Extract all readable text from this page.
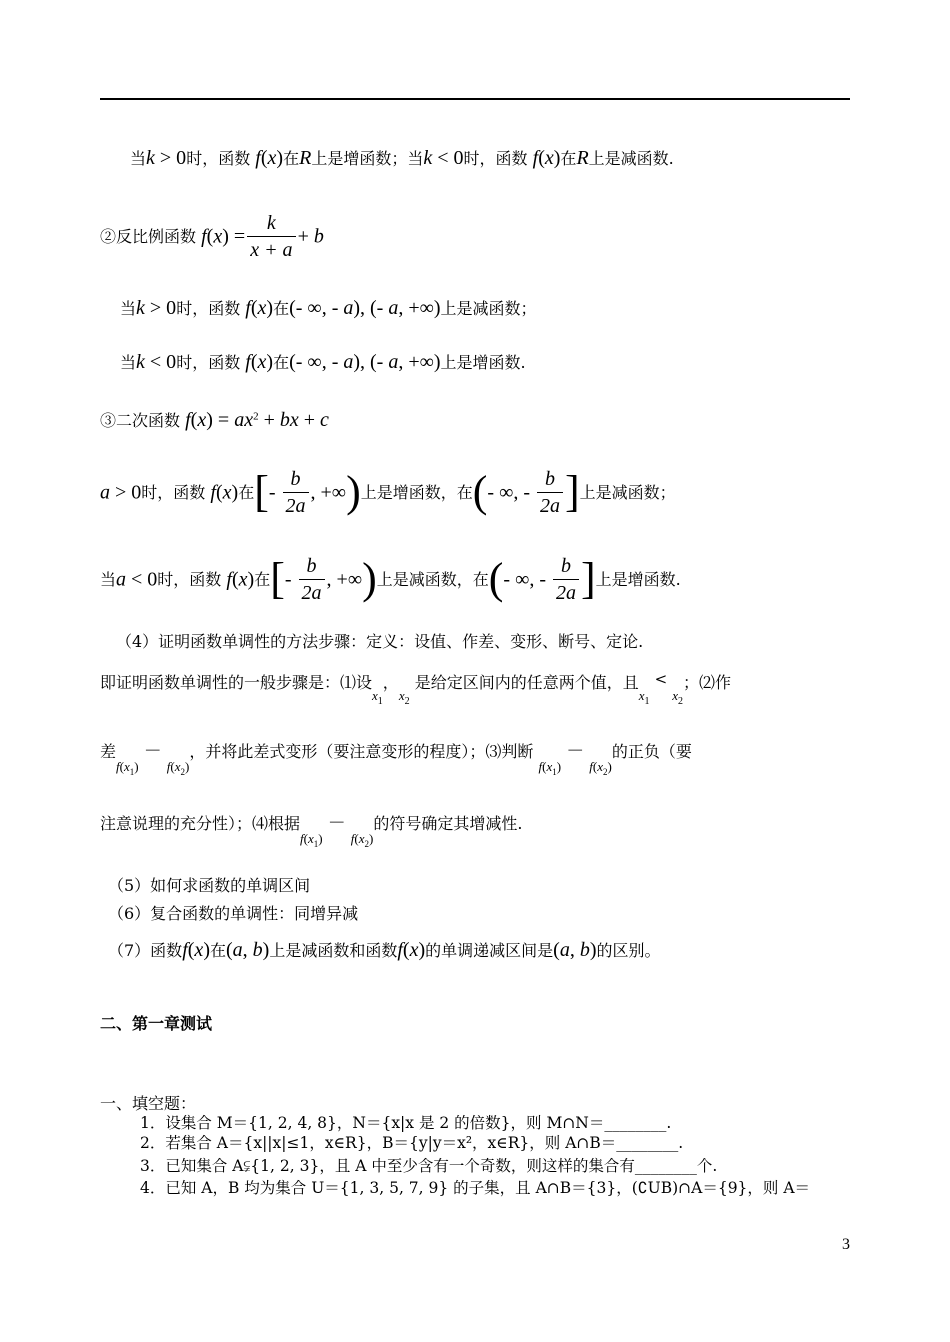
当k > 0时，函数 f(x)在R上是增函数；当k < 0时，函数 f(x)在R上是减函数.
②反比例函数 $f(x) = \frac{k}{x + a} + b$
当k > 0时，函数 f(x)在(- ∞, - a), (- a, +∞)上是减函数；
当k < 0时，函数 f(x)在(- ∞, - a), (- a, +∞)上是增函数.
③二次函数 $f(x) = ax^2$ + bx + c
a > 0时，函数 f(x)在[- $\frac{b}{2a}$ , +∞)上是增函数，在(- ∞, - $\frac{b}{2a}$ ]上是减函数；
当a < 0时，函数 f(x)在[- $\frac{b}{2a}$ , +∞)上是减函数，在(- ∞, - $\frac{b}{2a}$ ]上是增函数.
（4）证明函数单调性的方法步骤：定义：设值、作差、变形、断号、定论.
即证明函数单调性的一般步骤是：⑴设$_{x1}$，$_{x2}$ 是给定区间内的任意两个值，且$_{x1}$ < $_{x2}$；⑵作
差$_{f(x1)}$ － $_{f(x2)}$，并将此差式变形（要注意变形的程度）；⑶判断 $_{f(x1)}$ － $_{f(x2)}$的正负（要
注意说理的充分性）；⑷根据$_{f(x1)}$ － $_{f(x2)}$的符号确定其增减性.
（5）如何求函数的单调区间
（6）复合函数的单调性：同增异减
（7）函数f(x)在(a, b)上是减函数和函数f(x)的单调递减区间是(a, b)的区别。
二、第一章测试
一、填空题：
1．设集合 M＝{1, 2, 4, 8}，N＝{x|x 是 2 的倍数}，则 M∩N＝________.
2．若集合 A＝{x||x|≤1，x∈R}，B＝{y|y＝x²，x∈R}，则 A∩B＝________.
3．已知集合 A⫋{1, 2, 3}，且 A 中至少含有一个奇数，则这样的集合有________个.
4．已知 A，B 均为集合 U＝{1, 3, 5, 7, 9} 的子集，且 A∩B＝{3}，(∁UB)∩A＝{9}，则 A＝
3
